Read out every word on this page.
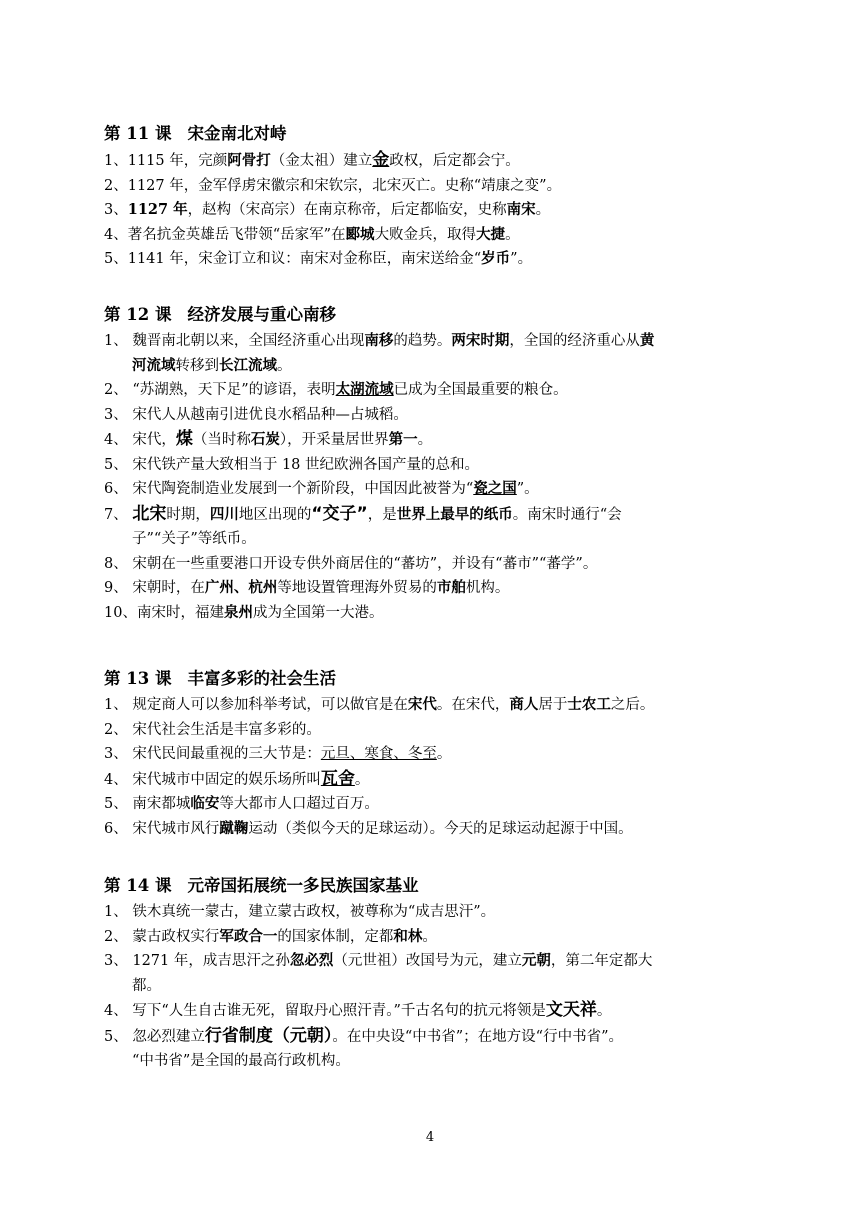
第 11 课 宋金南北对峙
1、1115 年，完颜阿骨打（金太祖）建立金政权，后定都会宁。
2、1127 年，金军俘虏宋徽宗和宋钦宗，北宋灭亡。史称“靖康之变”。
3、1127 年，赵构（宋高宗）在南京称帝，后定都临安，史称南宋。
4、著名抗金英雄岳飞带领“岳家军”在郾城大败金兵，取得大捷。
5、1141 年，宋金订立和议：南宋对金称臣，南宋送给金“岁币”。
第 12 课 经济发展与重心南移
1、 魏晋南北朝以来，全国经济重心出现南移的趋势。两宋时期，全国的经济重心从黄
河流域转移到长江流域。
2、 “苏湖熟，天下足”的谚语，表明太湖流域已成为全国最重要的粮仓。
3、 宋代人从越南引进优良水稻品种—占城稻。
4、 宋代，煤（当时称石炭），开采量居世界第一。
5、 宋代铁产量大致相当于 18 世纪欧洲各国产量的总和。
6、 宋代陶瓷制造业发展到一个新阶段，中国因此被誉为“瓷之国”。
7、 北宋时期，四川地区出现的“交子”，是世界上最早的纸币。南宋时通行“会
子”“关子”等纸币。
8、 宋朝在一些重要港口开设专供外商居住的“蕃坊”，并设有“蕃市”“蕃学”。
9、 宋朝时，在广州、杭州等地设置管理海外贸易的市舶机构。
10、南宋时，福建泉州成为全国第一大港。
第 13 课 丰富多彩的社会生活
1、 规定商人可以参加科举考试，可以做官是在宋代。在宋代，商人居于士农工之后。
2、 宋代社会生活是丰富多彩的。
3、 宋代民间最重视的三大节是：元旦、寒食、冬至。
4、 宋代城市中固定的娱乐场所叫瓦舍。
5、 南宋都城临安等大都市人口超过百万。
6、 宋代城市风行蹴鞠运动（类似今天的足球运动）。今天的足球运动起源于中国。
第 14 课 元帝国拓展统一多民族国家基业
1、 铁木真统一蒙古，建立蒙古政权，被尊称为“成吉思汗”。
2、 蒙古政权实行军政合一的国家体制，定都和林。
3、 1271 年，成吉思汗之孙忽必烈（元世祖）改国号为元，建立元朝，第二年定都大
都。
4、 写下“人生自古谁无死，留取丹心照汗青。”千古名句的抗元将领是文天祥。
5、 忽必烈建立行省制度（元朝）。在中央设“中书省”；在地方设“行中书省”。
“中书省”是全国的最高行政机构。
4
